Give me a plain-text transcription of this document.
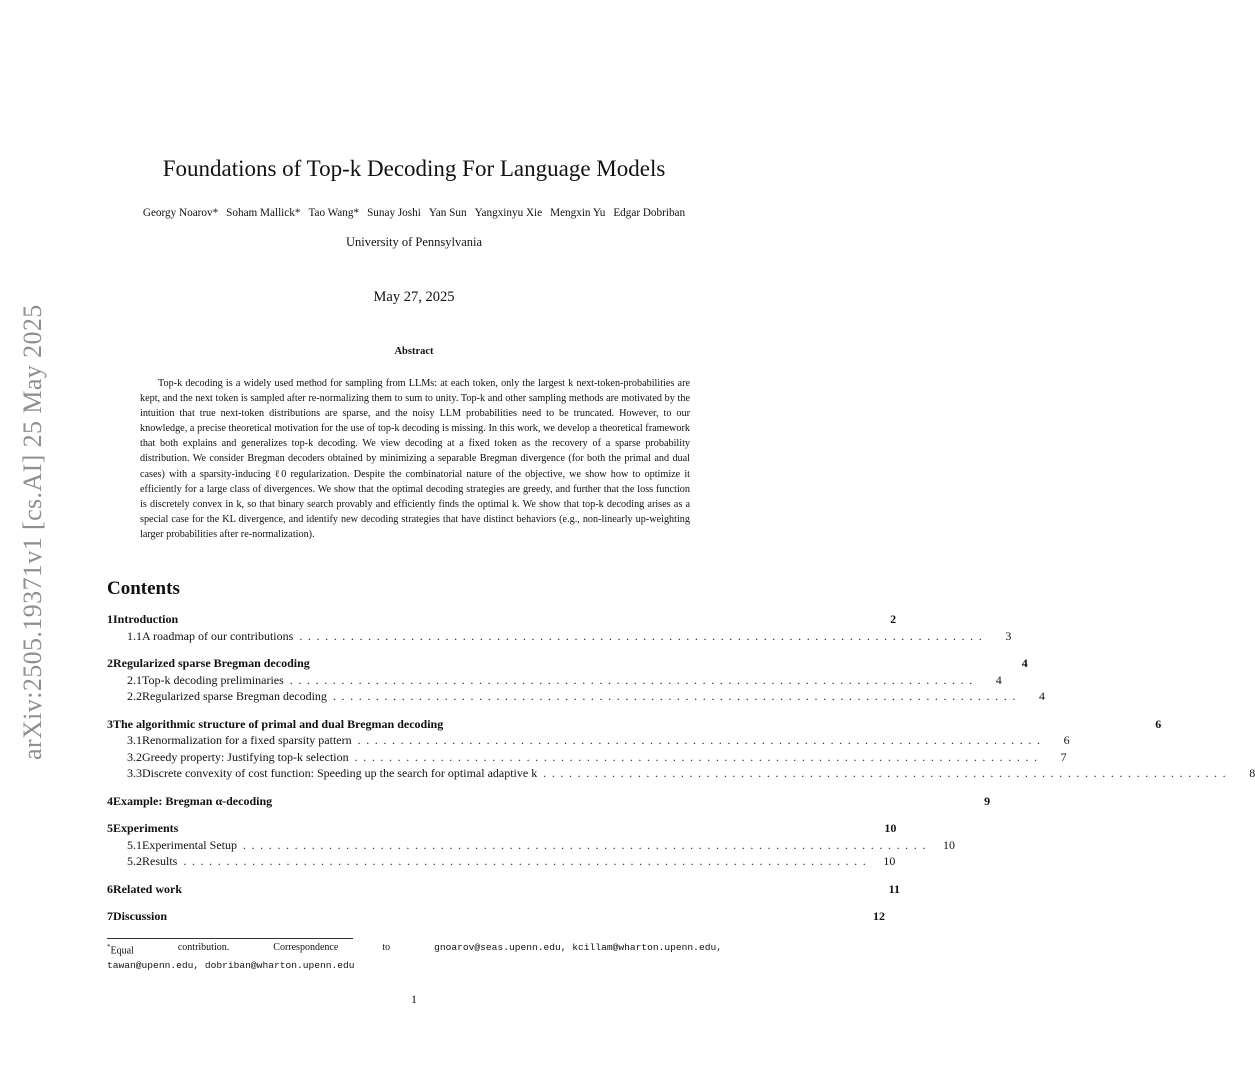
arXiv:2505.19371v1 [cs.AI] 25 May 2025
Foundations of Top-k Decoding For Language Models
Georgy Noarov* Soham Mallick* Tao Wang* Sunay Joshi Yan Sun Yangxinyu Xie Mengxin Yu Edgar Dobriban
University of Pennsylvania
May 27, 2025
Abstract
Top-k decoding is a widely used method for sampling from LLMs: at each token, only the largest k next-token-probabilities are kept, and the next token is sampled after re-normalizing them to sum to unity. Top-k and other sampling methods are motivated by the intuition that true next-token distributions are sparse, and the noisy LLM probabilities need to be truncated. However, to our knowledge, a precise theoretical motivation for the use of top-k decoding is missing. In this work, we develop a theoretical framework that both explains and generalizes top-k decoding. We view decoding at a fixed token as the recovery of a sparse probability distribution. We consider Bregman decoders obtained by minimizing a separable Bregman divergence (for both the primal and dual cases) with a sparsity-inducing ℓ0 regularization. Despite the combinatorial nature of the objective, we show how to optimize it efficiently for a large class of divergences. We show that the optimal decoding strategies are greedy, and further that the loss function is discretely convex in k, so that binary search provably and efficiently finds the optimal k. We show that top-k decoding arises as a special case for the KL divergence, and identify new decoding strategies that have distinct behaviors (e.g., non-linearly up-weighting larger probabilities after re-normalization).
Contents
1 Introduction	2
1.1 A roadmap of our contributions ................................................................................	3
2 Regularized sparse Bregman decoding	4
2.1 Top-k decoding preliminaries ................................................................................	4
2.2 Regularized sparse Bregman decoding ................................................................................	4
3 The algorithmic structure of primal and dual Bregman decoding	6
3.1 Renormalization for a fixed sparsity pattern ................................................................................	6
3.2 Greedy property: Justifying top-k selection ................................................................................	7
3.3 Discrete convexity of cost function: Speeding up the search for optimal adaptive k ................................................................................	8
4 Example: Bregman α-decoding	9
5 Experiments	10
5.1 Experimental Setup ................................................................................ 10
5.2 Results ................................................................................ 10
6 Related work	11
7 Discussion	12
*Equal	contribution.	Correspondence	to	gnoarov@seas.upenn.edu, kcillam@wharton.upenn.edu,
tawan@upenn.edu, dobriban@wharton.upenn.edu
1
